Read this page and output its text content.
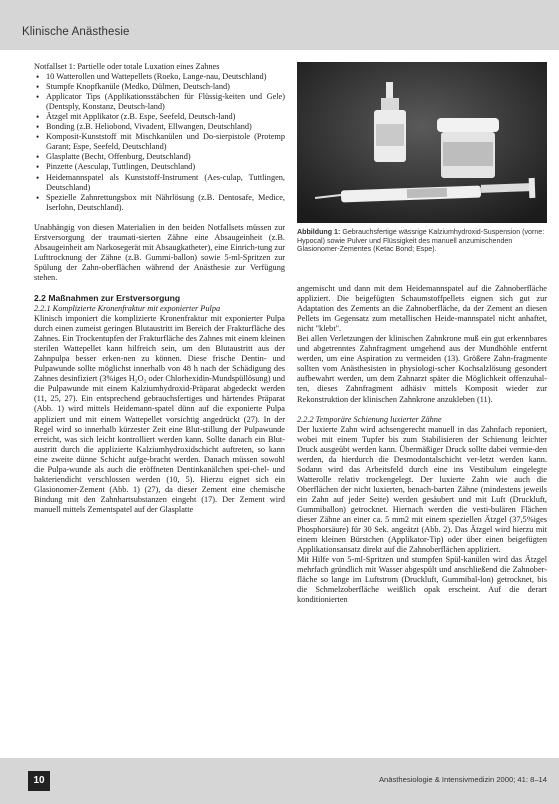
Klinische Anästhesie

Notfallset 1: Partielle oder totale Luxation eines Zahnes

• 10 Watterollen und Wattepellets (Roeko, Lange-nau, Deutschland)
• Stumpfe Knopfkanüle (Medko, Dülmen, Deutsch-land)
• Applicator Tips (Applikationsstäbchen für Flüssig-keiten und Gele) (Dentsply, Konstanz, Deutsch-land)
• Ätzgel mit Applikator (z.B. Espe, Seefeld, Deutsch-land)
• Bonding (z.B. Heliobond, Vivadent, Ellwangen, Deutschland)
• Komposit-Kunststoff mit Mischkanülen und Do-sierpistole (Protemp Garant; Espe, Seefeld, Deutschland)
• Glasplatte (Becht, Offenburg, Deutschland)
• Pinzette (Aesculap, Tuttlingen, Deutschland)
• Heidemannspatel als Kunststoff-Instrument (Aes-culap, Tuttlingen, Deutschland)
• Spezielle Zahnrettungsbox mit Nährlösung (z.B. Dentosafe, Medice, Iserlohn, Deutschland).

Unabhängig von diesen Materialien in den beiden Notfallsets müssen zur Erstversorgung der traumati-sierten Zähne eine Absaugeinheit (z.B. Absaugeinheit am Narkosegerät mit Absaugkatheter), eine Einrich-tung zur Lufttrocknung der Zähne (z.B. Gummi-ballon) sowie 5-ml-Spritzen zur Spülung der Zahn-oberflächen während der Anästhesie zur Verfügung stehen.

2.2 Maßnahmen zur Erstversorgung

2.2.1 Komplizierte Kronenfraktur mit exponierter Pulpa

Klinisch imponiert die komplizierte Kronenfraktur mit exponierter Pulpa durch einen zumeist geringen Blutaustritt im Bereich der Frakturfläche des Zahnes. Ein Trockentupfen der Frakturfläche des Zahnes mit einem kleinen sterilen Wattepellet kann hilfreich sein, um den Blutaustritt aus der Zahnpulpa besser erken-nen zu können. Diese frische Dentin- und Pulpawunde sollte möglichst innerhalb von 48 h nach der Schädigung des Zahnes desinfiziert (3%iges H₂O₂ oder Chlorhexidin-Mundspüllösung) und die Pulpawunde mit einem Kalziumhydroxid-Präparat abgedeckt werden (11, 25, 27). Ein entsprechend gebrauchsfertiges und härtendes Präparat (Abb. 1) wird mittels Heidemann-spatel dünn auf die exponierte Pulpa appliziert und mit einem Wattepellet vorsichtig angedrückt (27). In der Regel wird so innerhalb kürzester Zeit eine Blut-stillung der Pulpawunde erreicht, was sich leicht kontrolliert werden kann. Sollte danach ein Blut-austritt durch die applizierte Kalziumhydroxidschicht auftreten, so kann eine zweite dünne Schicht aufge-bracht werden. Danach müssen sowohl die Pulpa-wunde als auch die eröffneten Dentinkanälchen spei-chel- und bakteriendicht verschlossen werden (10, 5). Hierzu eignet sich ein Glasionomer-Zement (Abb. 1) (27), da dieser Zement eine chemische Bindung mit den Zahnhartsubstanzen eingeht (17). Der Zement wird manuell mittels Zementspatel auf der Glasplatte

Abbildung 1: Gebrauchsfertige wässrige Kalziumhydroxid-Suspension (vorne: Hypocal) sowie Pulver und Flüssigkeit des manuell anzumischenden Glasionomer-Zementes (Ketac Bond; Espe).

angemischt und dann mit dem Heidemannspatel auf die Zahnoberfläche appliziert. Die beigefügten Schaumstoffpellets eignen sich gut zur Adaptation des Zements an die Zahnoberfläche, da der Zement an diesen Pellets im Gegensatz zum metallischen Heide-mannspatel nicht anhaftet, nicht "klebt".

Bei allen Verletzungen der klinischen Zahnkrone muß ein gut erkennbares und abgetrenntes Zahnfragment umgehend aus der Mundhöhle entfernt werden, um eine Aspiration zu vermeiden (13). Größere Zahn-fragmente sollten vom Anästhesisten in physiologi-scher Kochsalzlösung gesondert aufbewahrt werden, um dem Zahnarzt später die Möglichkeit offenzuhal-ten, dieses Zahnfragment adhäsiv mittels Komposit wieder zur Rekonstruktion der klinischen Zahnkrone anzukleben (11).

2.2.2 Temporäre Schienung luxierter Zähne

Der luxierte Zahn wird achsengerecht manuell in das Zahnfach reponiert, wobei mit einem Tupfer bis zum Stabilisieren der Schienung leichter Druck ausgeübt werden kann. Übermäßiger Druck sollte dabei vermie-den werden, da hierdurch die Desmodontalschicht ver-letzt werden kann. Sodann wird das Arbeitsfeld durch eine ins Vestibulum eingelegte Watterolle relativ trockengelegt. Der luxierte Zahn wie auch die Oberflächen der nicht luxierten, benach-barten Zähne (mindestens jeweils ein Zahn auf jeder Seite) werden gesäubert und mit Luft (Druckluft, Gummiballon) getrocknet. Hiernach werden die vesti-bulären Flächen dieser Zähne an einer ca. 5 mm2 mit einem speziellen Ätzgel (37,5%iges Phosphorsäure) für 30 Sek. angeätzt (Abb. 2). Das Ätzgel wird hierzu mit einem kleinen Bürstchen (Applikator-Tip) oder über einen beigefügten Applikationsansatz direkt auf die Zahnoberflächen appliziert.

Mit Hilfe von 5-ml-Spritzen und stumpfen Spül-kanülen wird das Ätzgel mehrfach gründlich mit Wasser abgespült und anschließend die Zahnober-fläche so lange im Luftstrom (Druckluft, Gummibal-lon) getrocknet, bis die Schmelzoberfläche weißlich opak erscheint. Auf die derart konditionierten

10	Anästhesiologie & Intensivmedizin 2000; 41: 8–14
